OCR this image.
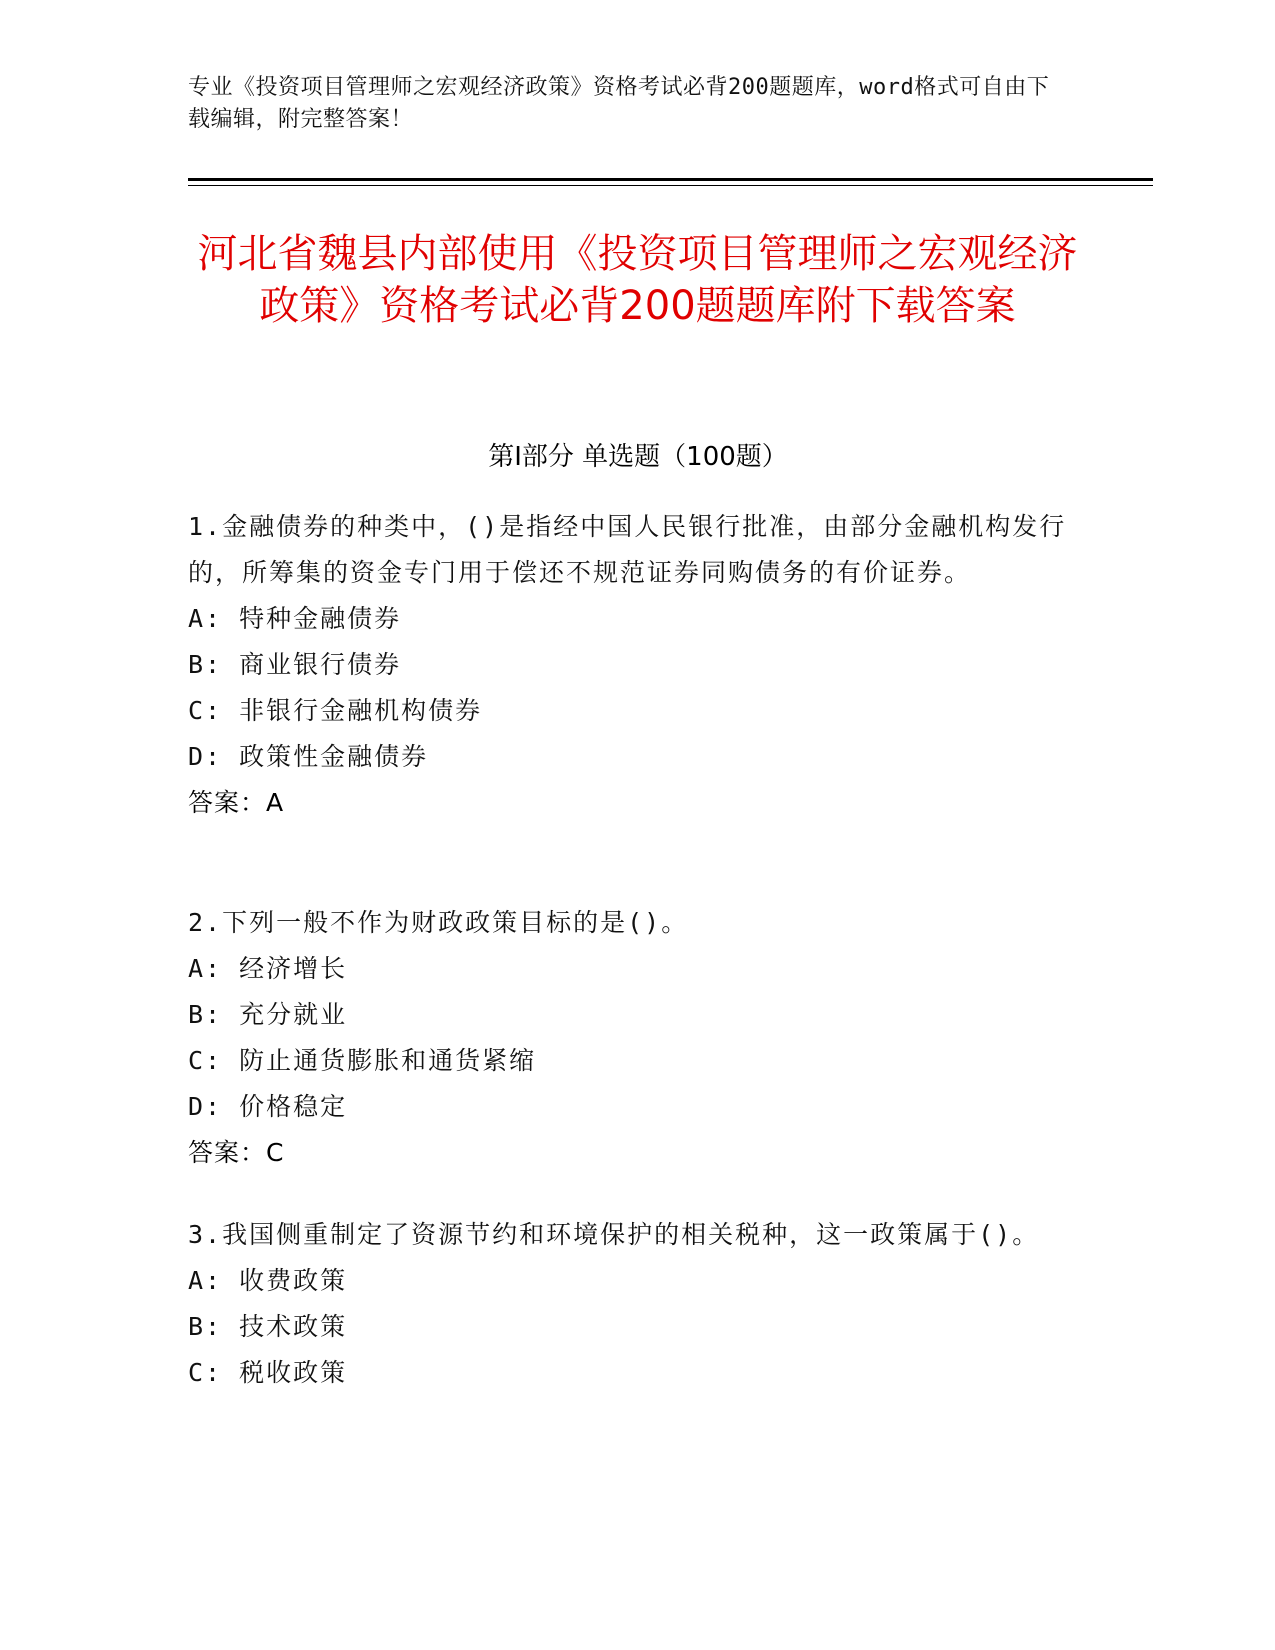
专业《投资项目管理师之宏观经济政策》资格考试必背200题题库，word格式可自由下载编辑，附完整答案！
河北省魏县内部使用《投资项目管理师之宏观经济政策》资格考试必背200题题库附下载答案
第I部分 单选题（100题）

1.金融债券的种类中，()是指经中国人民银行批准，由部分金融机构发行的，所筹集的资金专门用于偿还不规范证券同购债务的有价证券。

A: 特种金融债券

B: 商业银行债券

C: 非银行金融机构债券

D: 政策性金融债券

答案：A

2.下列一般不作为财政政策目标的是()。

A: 经济增长

B: 充分就业

C: 防止通货膨胀和通货紧缩

D: 价格稳定

答案：C

3.我国侧重制定了资源节约和环境保护的相关税种，这一政策属于()。

A: 收费政策

B: 技术政策

C: 税收政策
